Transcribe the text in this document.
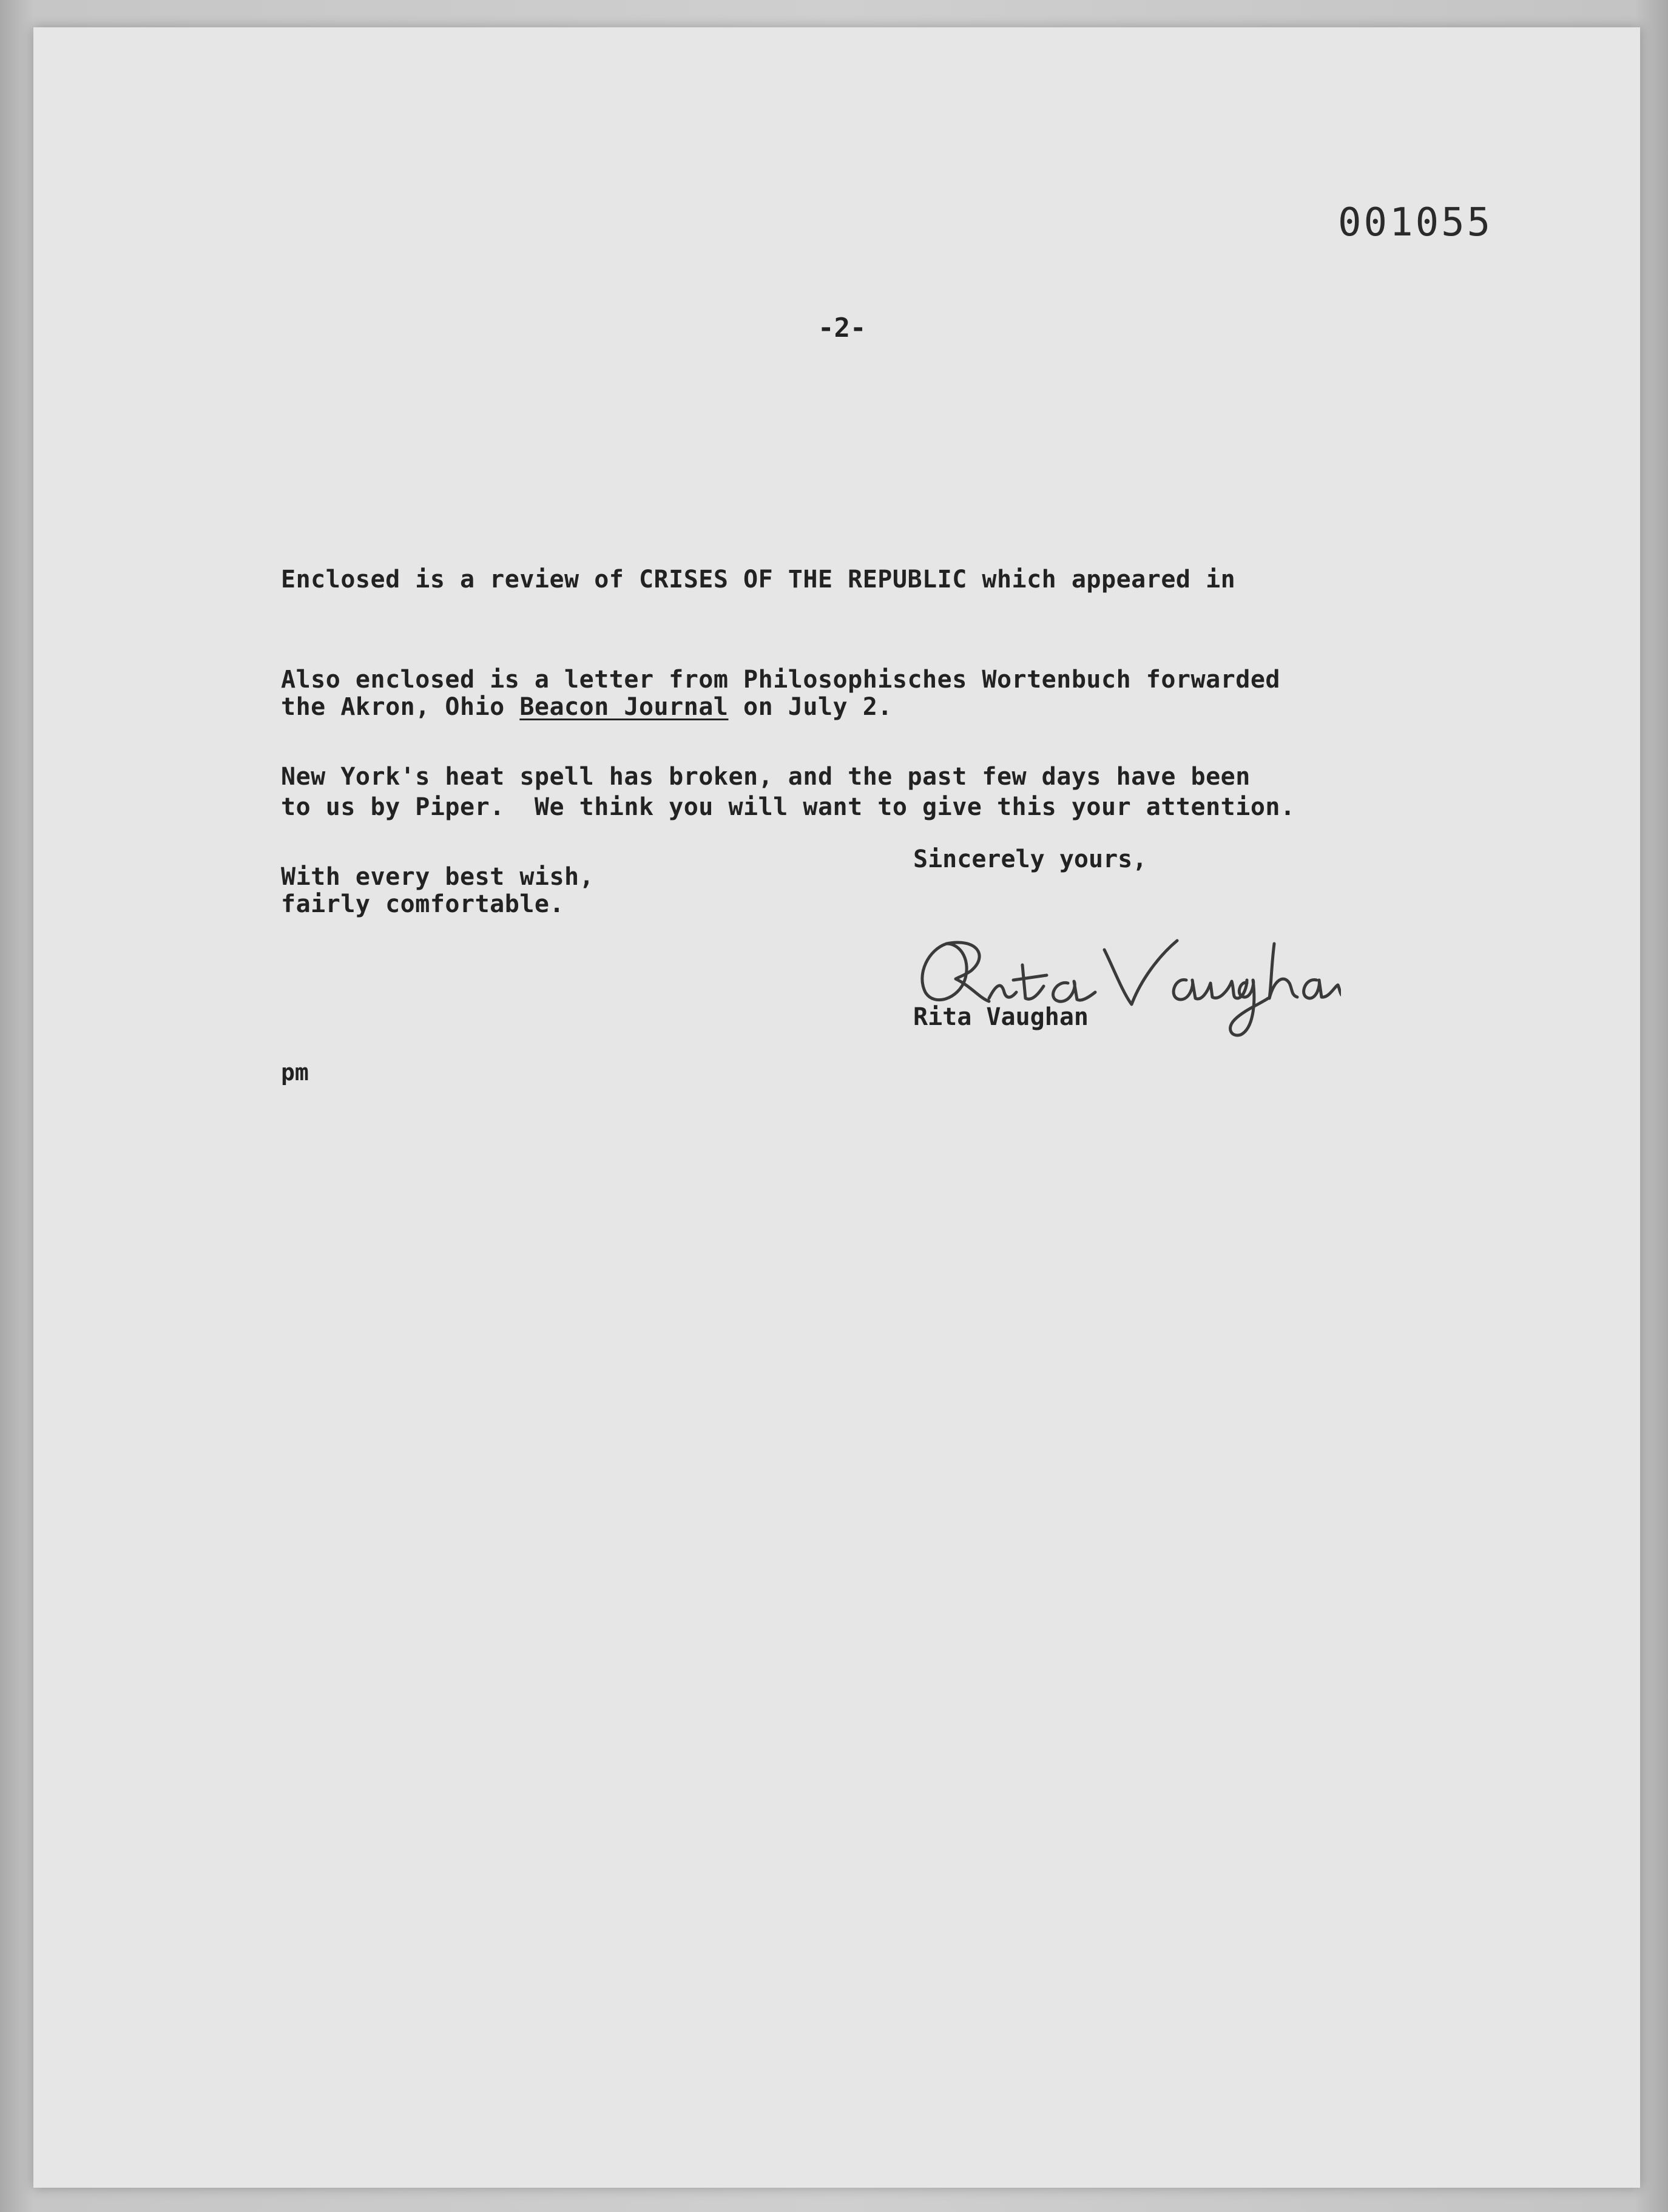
001055
-2-

Enclosed is a review of CRISES OF THE REPUBLIC which appeared in

the Akron, Ohio Beacon Journal on July 2.

Also enclosed is a letter from Philosophisches Wortenbuch forwarded

to us by Piper.  We think you will want to give this your attention.

New York's heat spell has broken, and the past few days have been

fairly comfortable.

With every best wish,

Sincerely yours,
Rita Vaughan
pm
